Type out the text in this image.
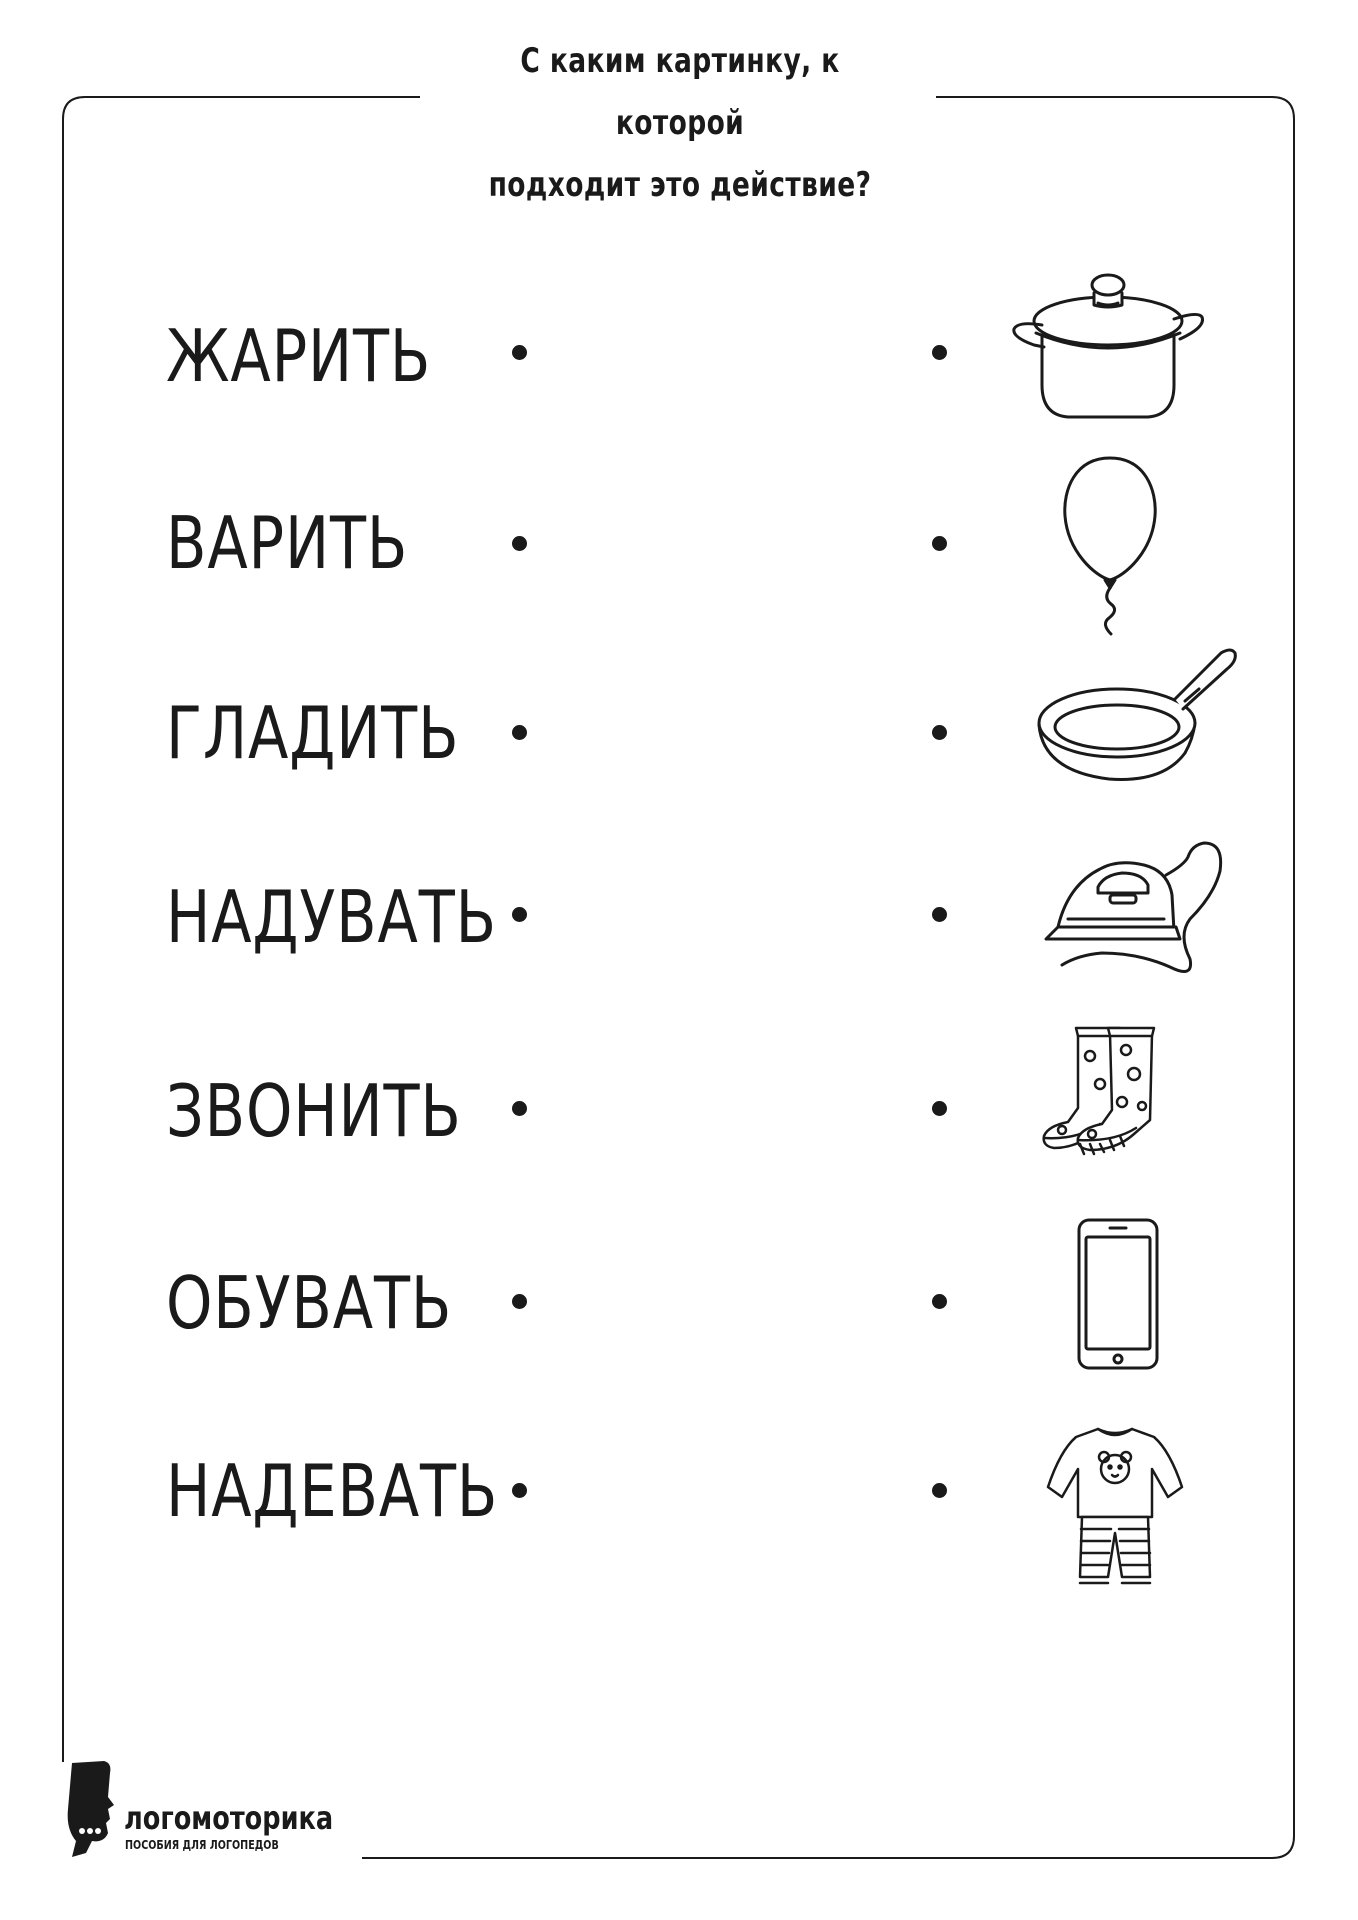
С каким картинку, к которой
подходит это действие?
ЖАРИТЬ
ВАРИТЬ
ГЛАДИТЬ
НАДУВАТЬ
ЗВОНИТЬ
ОБУВАТЬ
НАДЕВАТЬ
логомоторика
ПОСОБИЯ ДЛЯ ЛОГОПЕДОВ
